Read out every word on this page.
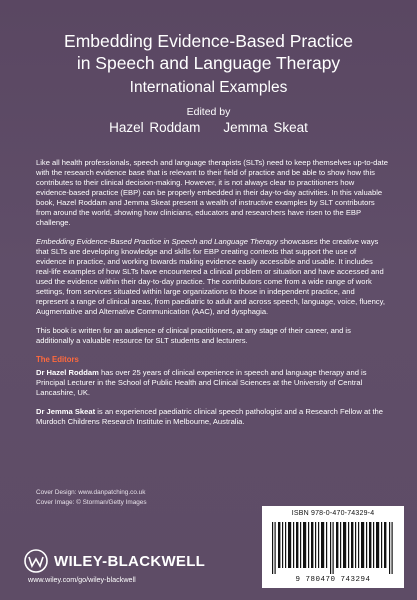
Embedding Evidence-Based Practice
in Speech and Language Therapy
International Examples
Edited by
Hazel Roddam    Jemma Skeat

Like all health professionals, speech and language therapists (SLTs) need to keep themselves up-to-date with the research evidence base that is relevant to their field of practice and be able to show how this contributes to their clinical decision-making. However, it is not always clear to practitioners how evidence-based practice (EBP) can be properly embedded in their day-to-day activities. In this valuable book, Hazel Roddam and Jemma Skeat present a wealth of instructive examples by SLT contributors from around the world, showing how clinicians, educators and researchers have risen to the EBP challenge.

Embedding Evidence-Based Practice in Speech and Language Therapy showcases the creative ways that SLTs are developing knowledge and skills for EBP creating contexts that support the use of evidence in practice, and working towards making evidence easily accessible and usable. It includes real-life examples of how SLTs have encountered a clinical problem or situation and have accessed and used the evidence within their day-to-day practice. The contributors come from a wide range of work settings, from services situated within large organizations to those in independent practice, and represent a range of clinical areas, from paediatric to adult and across speech, language, voice, fluency, Augmentative and Alternative Communication (AAC), and dysphagia.

This book is written for an audience of clinical practitioners, at any stage of their career, and is additionally a valuable resource for SLT students and lecturers.

The Editors

Dr Hazel Roddam has over 25 years of clinical experience in speech and language therapy and is Principal Lecturer in the School of Public Health and Clinical Sciences at the University of Central Lancashire, UK.

Dr Jemma Skeat is an experienced paediatric clinical speech pathologist and a Research Fellow at the Murdoch Childrens Research Institute in Melbourne, Australia.

Cover Design: www.danpatching.co.uk
Cover Image: © Storman/Getty Images
ISBN 978-0-470-74329-4
9 780470 743294
WILEY-BLACKWELL
www.wiley.com/go/wiley-blackwell
